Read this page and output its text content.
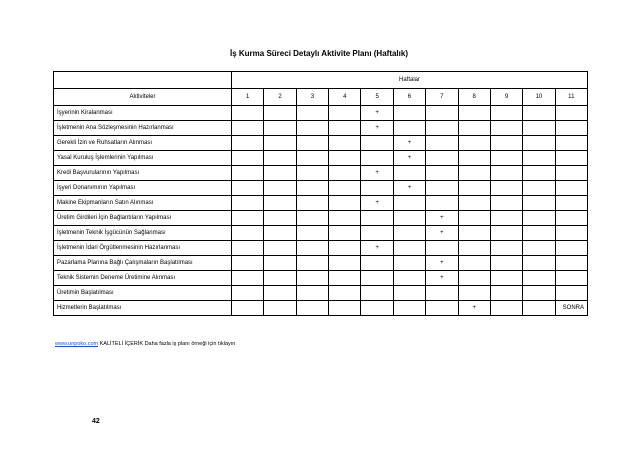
İş Kurma Süreci Detaylı Aktivite Planı (Haftalık)
	Haftalar										
Aktiviteler	1	2	3	4	5	6	7	8	9	10	11
İşyerinin Kiralanması					+						
İşletmenin Ana Sözleşmesinin Hazırlanması					+						
Gerekli İzin ve Ruhsatların Alınması						+					
Yasal Kuruluş İşlemlerinin Yapılması						+					
Kredi Başvurularının Yapılması					+						
İşyeri Donanımının Yapılması						+					
Makine Ekipmanların Satın Alınması					+						
Üretim Girdileri İçin Bağlantıların Yapılması							+				
İşletmenin Teknik İşgücünün Sağlanması							+				
İşletmenin İdari Örgütlenmesinin Hazırlanması					+						
Pazarlama Planına Bağlı Çalışmaların Başlatılması							+				
Teknik Sistemin Deneme Üretimine Alınması							+				
Üretimin Başlatılması											
Hizmetlerin Başlatılması								+			SONRA
www.unpoko.com KALİTELİ İÇERİK Daha fazla iş planı örneği için tıklayın
42
